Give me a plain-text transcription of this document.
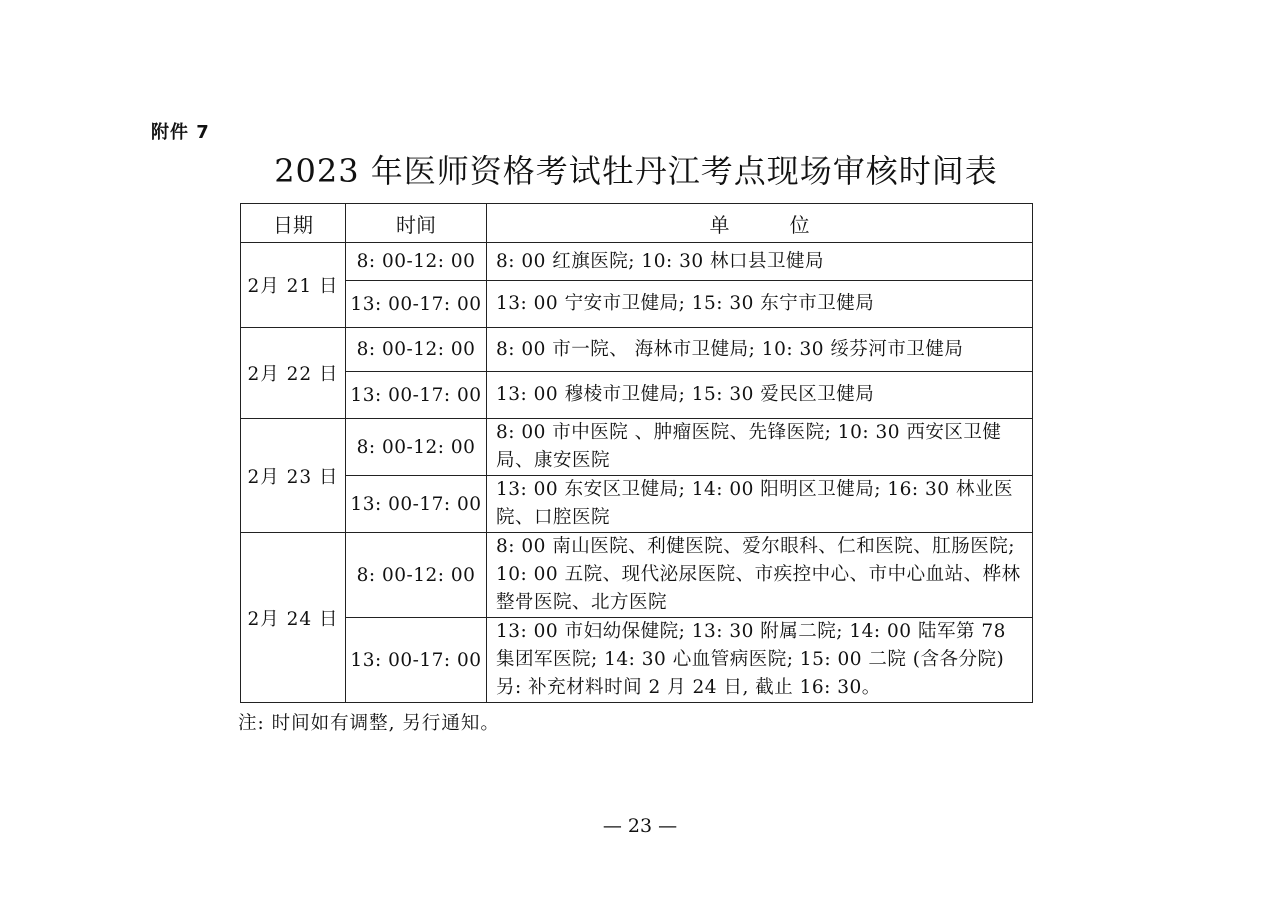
附件 7
2023 年医师资格考试牡丹江考点现场审核时间表
日期	时间	单位
2月 21 日	8: 00-12: 00	8: 00 红旗医院; 10: 30 林口县卫健局
	13: 00-17: 00	13: 00 宁安市卫健局; 15: 30 东宁市卫健局
2月 22 日	8: 00-12: 00	8: 00 市一院、 海林市卫健局; 10: 30 绥芬河市卫健局
	13: 00-17: 00	13: 00 穆棱市卫健局; 15: 30 爱民区卫健局
2月 23 日	8: 00-12: 00	8: 00 市中医院 、肿瘤医院、先锋医院; 10: 30 西安区卫健局、康安医院
	13: 00-17: 00	13: 00 东安区卫健局; 14: 00 阳明区卫健局; 16: 30 林业医院、口腔医院
2月 24 日	8: 00-12: 00	8: 00 南山医院、利健医院、爱尔眼科、仁和医院、肛肠医院; 10: 00 五院、现代泌尿医院、市疾控中心、市中心血站、桦林整骨医院、北方医院
	13: 00-17: 00	13: 00 市妇幼保健院; 13: 30 附属二院; 14: 00 陆军第 78 集团军医院; 14: 30 心血管病医院; 15: 00 二院 (含各分院) 另: 补充材料时间 2 月 24 日, 截止 16: 30。
注: 时间如有调整, 另行通知。
— 23 —
